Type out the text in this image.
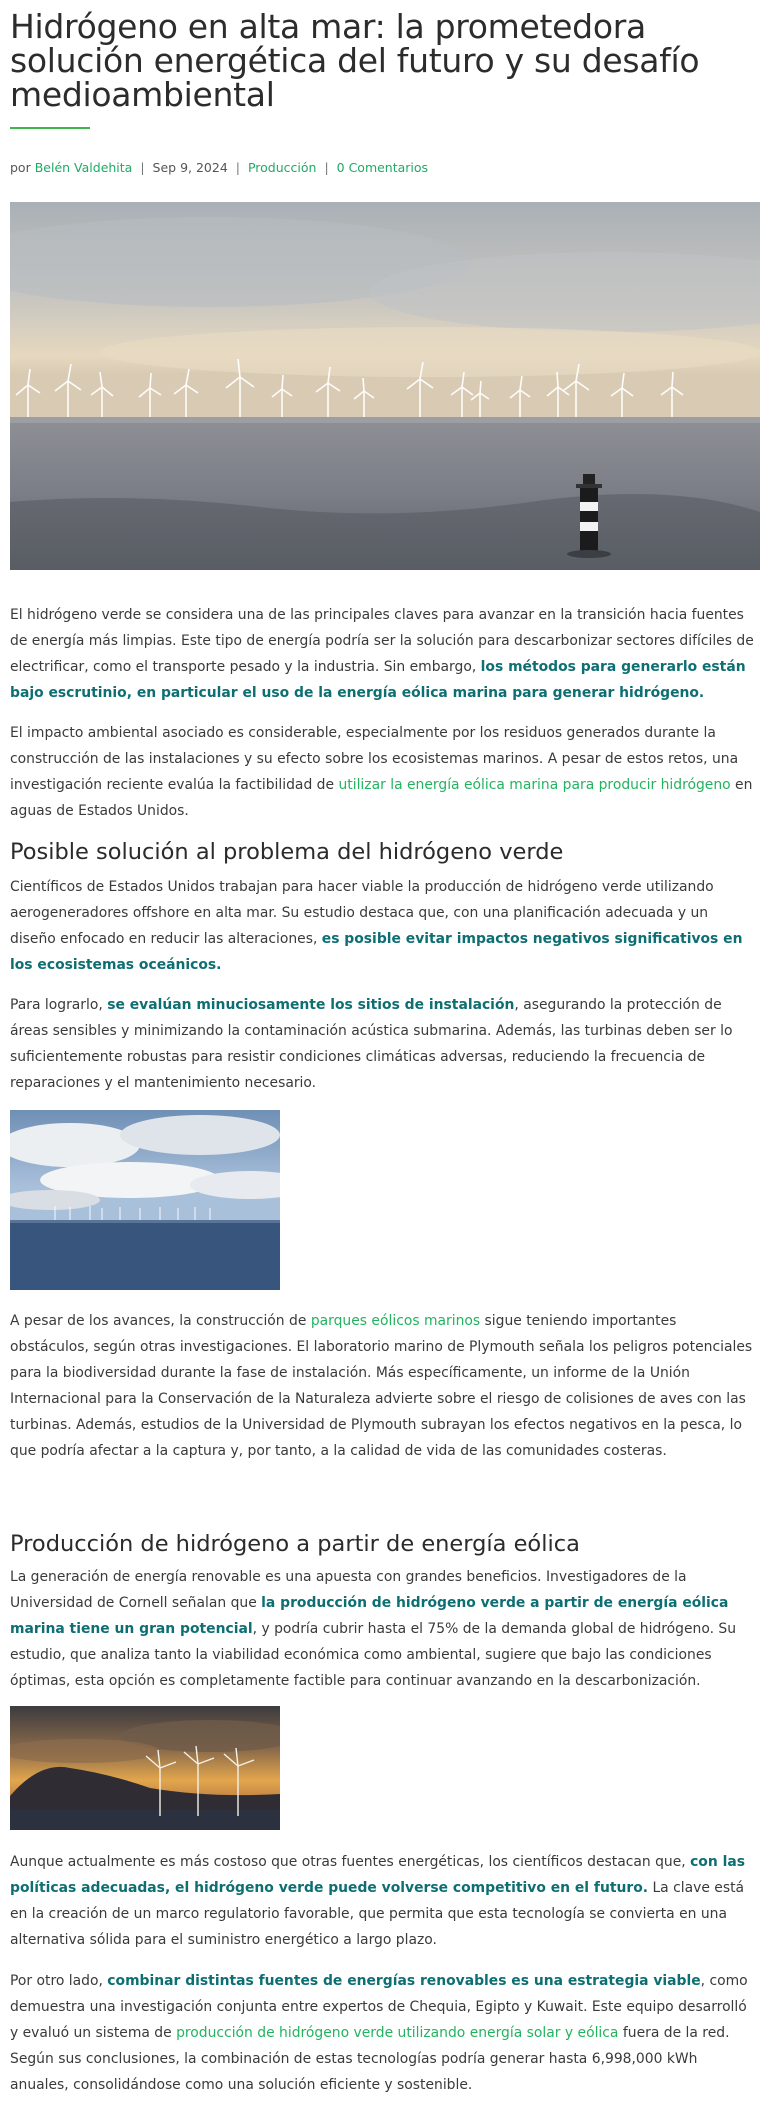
Hidrógeno en alta mar: la prometedora solución energética del futuro y su desafío medioambiental
por Belén Valdehita | Sep 9, 2024 | Producción | 0 Comentarios

El hidrógeno verde se considera una de las principales claves para avanzar en la transición hacia fuentes de energía más limpias. Este tipo de energía podría ser la solución para descarbonizar sectores difíciles de electrificar, como el transporte pesado y la industria. Sin embargo, los métodos para generarlo están bajo escrutinio, en particular el uso de la energía eólica marina para generar hidrógeno.

El impacto ambiental asociado es considerable, especialmente por los residuos generados durante la construcción de las instalaciones y su efecto sobre los ecosistemas marinos. A pesar de estos retos, una investigación reciente evalúa la factibilidad de utilizar la energía eólica marina para producir hidrógeno en aguas de Estados Unidos.

Posible solución al problema del hidrógeno verde

Científicos de Estados Unidos trabajan para hacer viable la producción de hidrógeno verde utilizando aerogeneradores offshore en alta mar. Su estudio destaca que, con una planificación adecuada y un diseño enfocado en reducir las alteraciones, es posible evitar impactos negativos significativos en los ecosistemas oceánicos.

Para lograrlo, se evalúan minuciosamente los sitios de instalación, asegurando la protección de áreas sensibles y minimizando la contaminación acústica submarina. Además, las turbinas deben ser lo suficientemente robustas para resistir condiciones climáticas adversas, reduciendo la frecuencia de reparaciones y el mantenimiento necesario.

A pesar de los avances, la construcción de parques eólicos marinos sigue teniendo importantes obstáculos, según otras investigaciones. El laboratorio marino de Plymouth señala los peligros potenciales para la biodiversidad durante la fase de instalación. Más específicamente, un informe de la Unión Internacional para la Conservación de la Naturaleza advierte sobre el riesgo de colisiones de aves con las turbinas. Además, estudios de la Universidad de Plymouth subrayan los efectos negativos en la pesca, lo que podría afectar a la captura y, por tanto, a la calidad de vida de las comunidades costeras.

Producción de hidrógeno a partir de energía eólica

La generación de energía renovable es una apuesta con grandes beneficios. Investigadores de la Universidad de Cornell señalan que la producción de hidrógeno verde a partir de energía eólica marina tiene un gran potencial, y podría cubrir hasta el 75% de la demanda global de hidrógeno. Su estudio, que analiza tanto la viabilidad económica como ambiental, sugiere que bajo las condiciones óptimas, esta opción es completamente factible para continuar avanzando en la descarbonización.

Aunque actualmente es más costoso que otras fuentes energéticas, los científicos destacan que, con las políticas adecuadas, el hidrógeno verde puede volverse competitivo en el futuro. La clave está en la creación de un marco regulatorio favorable, que permita que esta tecnología se convierta en una alternativa sólida para el suministro energético a largo plazo.

Por otro lado, combinar distintas fuentes de energías renovables es una estrategia viable, como demuestra una investigación conjunta entre expertos de Chequia, Egipto y Kuwait. Este equipo desarrolló y evaluó un sistema de producción de hidrógeno verde utilizando energía solar y eólica fuera de la red. Según sus conclusiones, la combinación de estas tecnologías podría generar hasta 6,998,000 kWh anuales, consolidándose como una solución eficiente y sostenible.
